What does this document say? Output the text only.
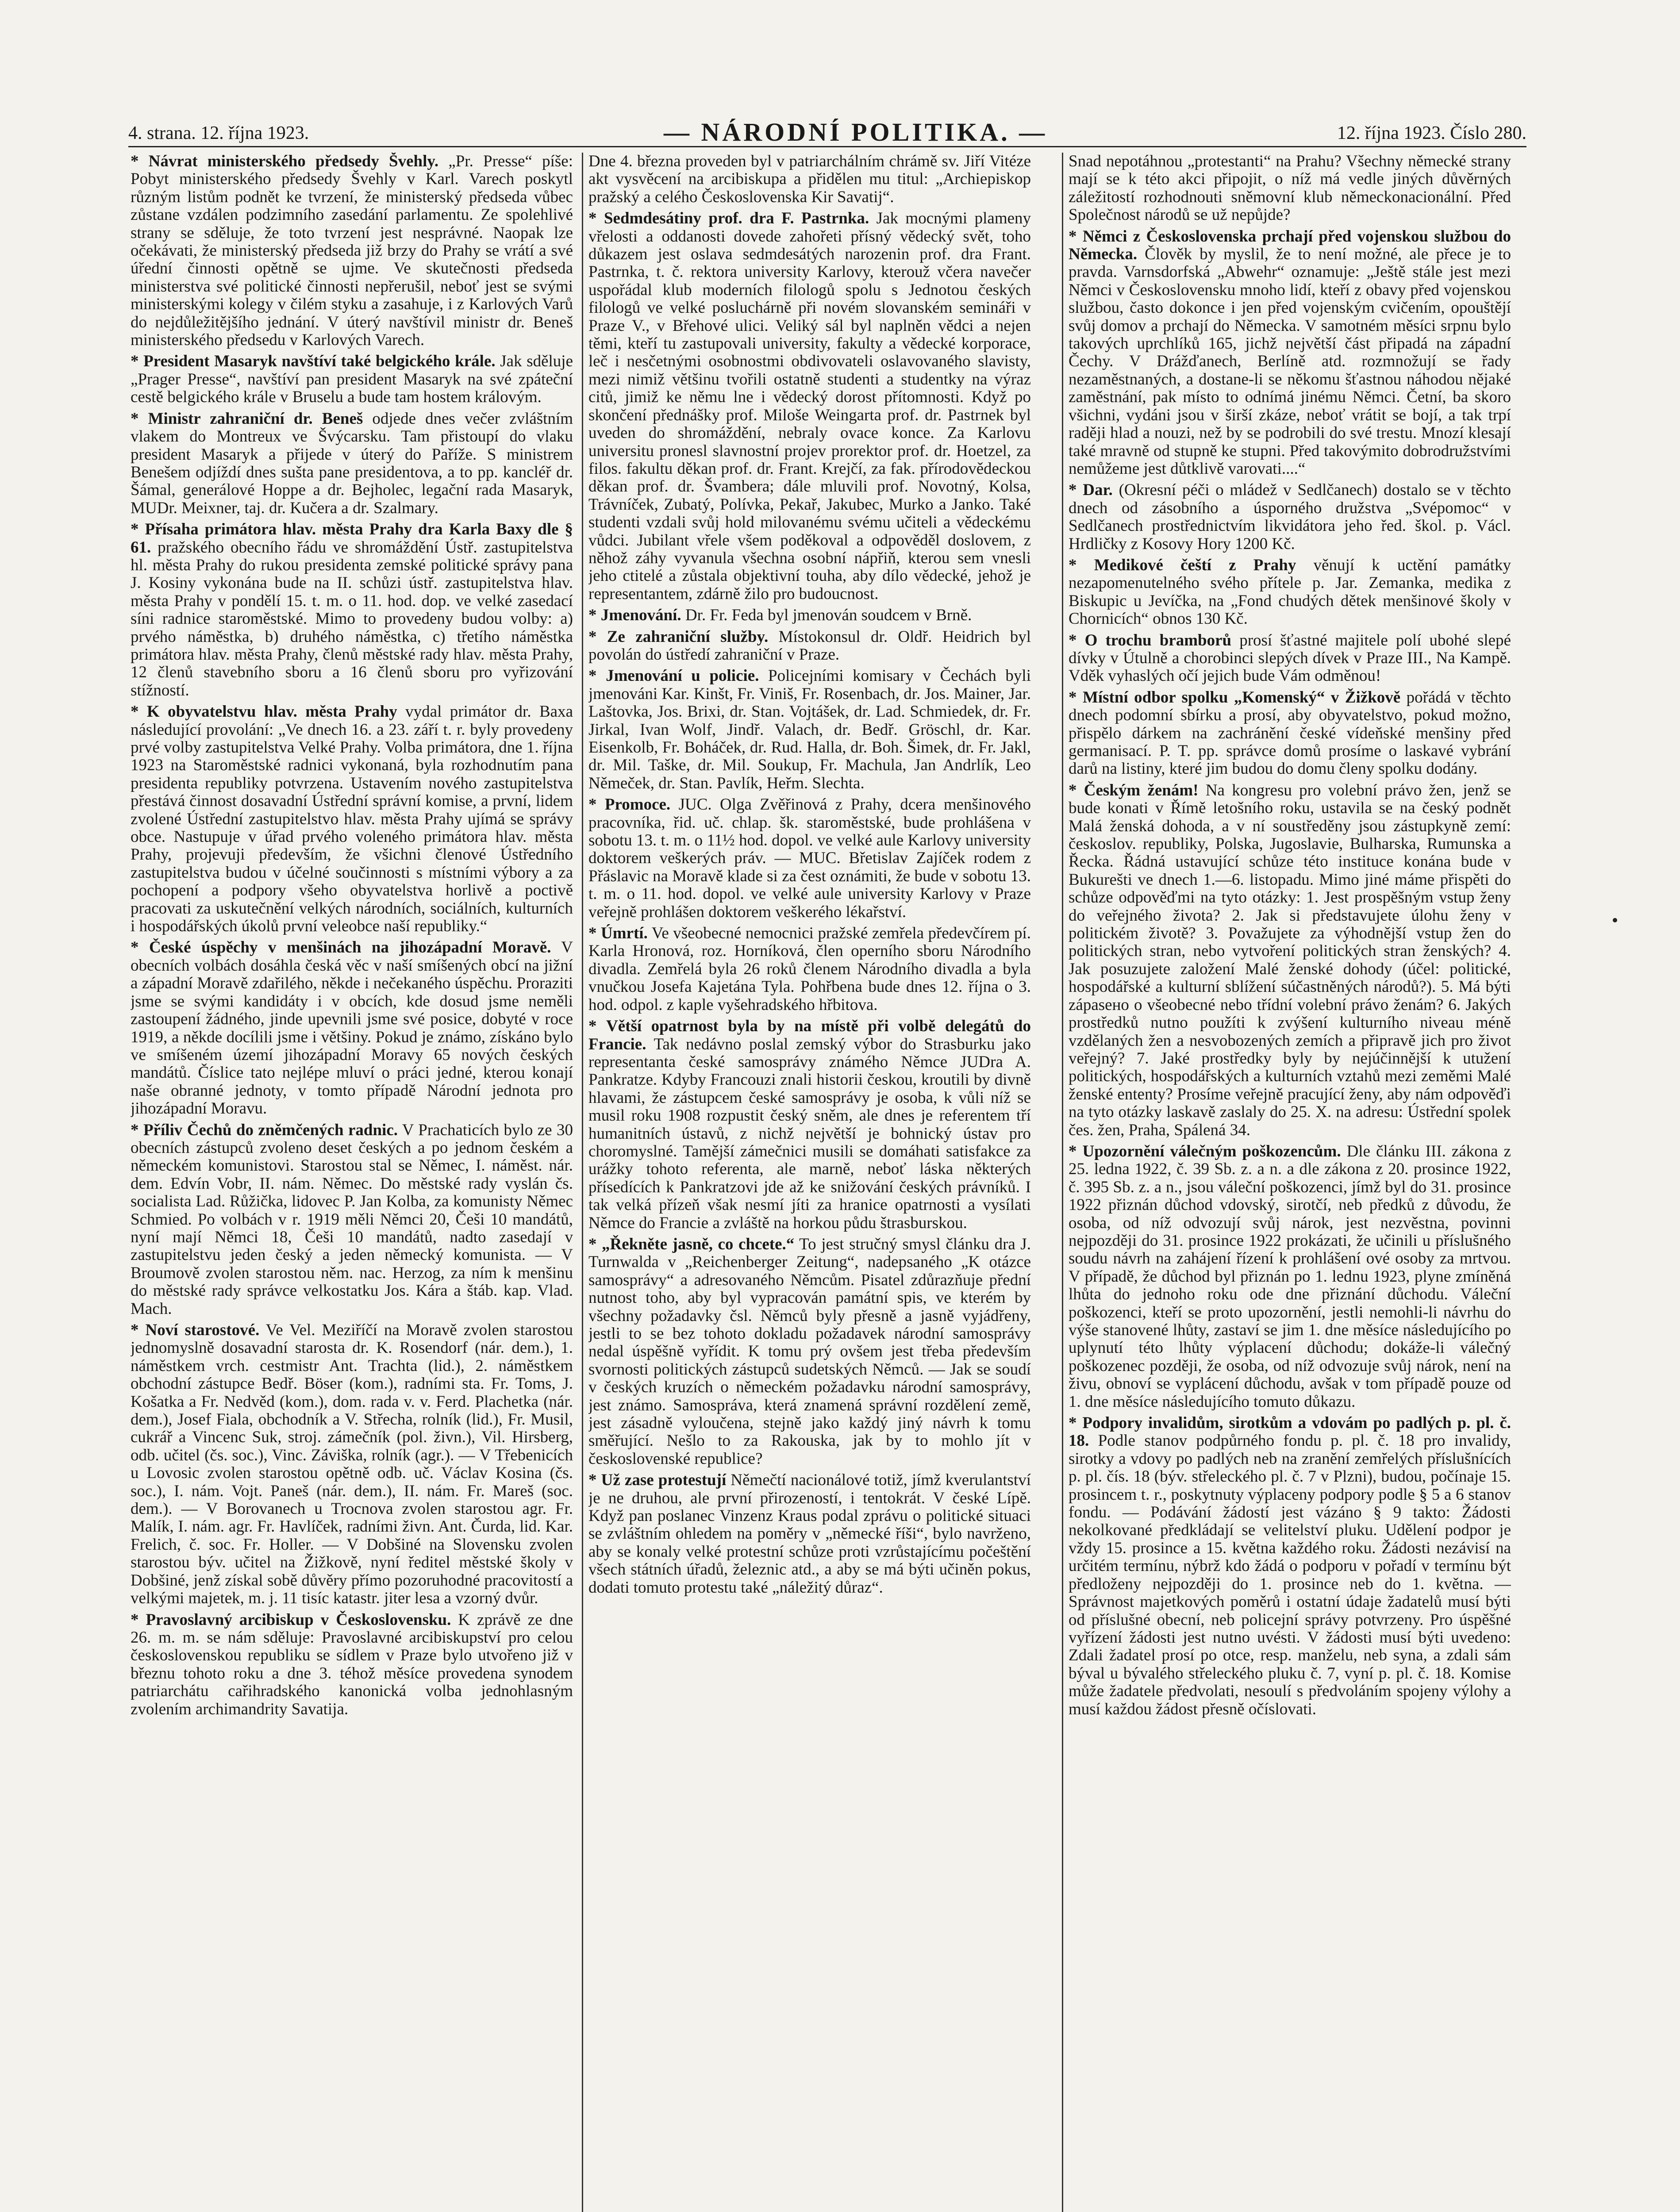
4. strana. 12. října 1923.	— NÁRODNÍ POLITIKA. —	12. října 1923. Číslo 280.

* Návrat ministerského předsedy Švehly. „Pr. Presse“ píše: Pobyt ministerského předsedy Švehly v Karl. Varech poskytl různým listům podnět ke tvrzení, že ministerský předseda vůbec zůstane vzdálen podzimního zasedání parlamentu. Ze spolehlivé strany se sděluje, že toto tvrzení jest nesprávné. Naopak lze očekávati, že ministerský předseda již brzy do Prahy se vrátí a své úřední činnosti opětně se ujme. Ve skutečnosti předseda ministerstva své politické činnosti nepřerušil, neboť jest se svými ministerskými kolegy v čilém styku a zasahuje, i z Karlových Varů do nejdůležitějšího jednání. V úterý navštívil ministr dr. Beneš ministerského předsedu v Karlových Varech.

* President Masaryk navštíví také belgického krále. Jak sděluje „Prager Presse“, navštíví pan president Masaryk na své zpáteční cestě belgického krále v Bruselu a bude tam hostem královým.

* Ministr zahraniční dr. Beneš odjede dnes večer zvláštním vlakem do Montreux ve Švýcarsku. Tam přistoupí do vlaku president Masaryk a přijede v úterý do Paříže. S ministrem Benešem odjíždí dnes sušta pane presidentova, a to pp. kancléř dr. Šámal, generálové Hoppe a dr. Bejholec, legační rada Masaryk, MUDr. Meixner, taj. dr. Kučera a dr. Szalmary.

* Přísaha primátora hlav. města Prahy dra Karla Baxy dle § 61. pražského obecního řádu ve shromáždění Ústř. zastupitelstva hl. města Prahy do rukou presidenta zemské politické správy pana J. Kosiny vykonána bude na II. schůzi ústř. zastupitelstva hlav. města Prahy v pondělí 15. t. m. o 11. hod. dop. ve velké zasedací síni radnice staroměstské. Mimo to provedeny budou volby: a) prvého náměstka, b) druhého náměstka, c) třetího náměstka primátora hlav. města Prahy, členů městské rady hlav. města Prahy, 12 členů stavebního sboru a 16 členů sboru pro vyřizování stížností.

* K obyvatelstvu hlav. města Prahy vydal primátor dr. Baxa následující provolání: „Ve dnech 16. a 23. září t. r. byly provedeny prvé volby zastupitelstva Velké Prahy. Volba primátora, dne 1. října 1923 na Staroměstské radnici vykonaná, byla rozhodnutím pana presidenta republiky potvrzena. Ustavením nového zastupitelstva přestává činnost dosavadní Ústřední správní komise, a první, lidem zvolené Ústřední zastupitelstvo hlav. města Prahy ujímá se správy obce. Nastupuje v úřad prvého voleného primátora hlav. města Prahy, projevuji především, že všichni členové Ústředního zastupitelstva budou v účelné součinnosti s místními výbory a za pochopení a podpory všeho obyvatelstva horlivě a poctivě pracovati za uskutečnění velkých národních, sociálních, kulturních i hospodářských úkolů první veleobce naší republiky.“

* České úspěchy v menšinách na jihozápadní Moravě. V obecních volbách dosáhla česká věc v naší smíšených obcí na jižní a západní Moravě zdařilého, někde i nečekaného úspěchu. Proraziti jsme se svými kandidáty i v obcích, kde dosud jsme neměli zastoupení žádného, jinde upevnili jsme své posice, dobyté v roce 1919, a někde docílili jsme i většiny. Pokud je známo, získáno bylo ve smíšeném území jihozápadní Moravy 65 nových českých mandátů. Číslice tato nejlépe mluví o práci jedné, kterou konají naše obranné jednoty, v tomto případě Národní jednota pro jihozápadní Moravu.

* Příliv Čechů do zněmčených radnic. V Prachaticích bylo ze 30 obecních zástupců zvoleno deset českých a po jednom českém a německém komunistovi. Starostou stal se Němec, I. náměst. nár. dem. Edvín Vobr, II. nám. Němec. Do městské rady vyslán čs. socialista Lad. Růžička, lidovec P. Jan Kolba, za komunisty Němec Schmied. Po volbách v r. 1919 měli Němci 20, Češi 10 mandátů, nyní mají Němci 18, Češi 10 mandátů, nadto zasedají v zastupitelstvu jeden český a jeden německý komunista. — V Broumově zvolen starostou něm. nac. Herzog, za ním k menšinu do městské rady správce velkostatku Jos. Kára a štáb. kap. Vlad. Mach.

* Noví starostové. Ve Vel. Meziříčí na Moravě zvolen starostou jednomyslně dosavadní starosta dr. K. Rosendorf (nár. dem.), 1. náměstkem vrch. cestmistr Ant. Trachta (lid.), 2. náměstkem obchodní zástupce Bedř. Böser (kom.), radními sta. Fr. Toms, J. Košatka a Fr. Nedvěd (kom.), dom. rada v. v. Ferd. Plachetka (nár. dem.), Josef Fiala, obchodník a V. Střecha, rolník (lid.), Fr. Musil, cukrář a Vincenc Suk, stroj. zámečník (pol. živn.), Vil. Hirsberg, odb. učitel (čs. soc.), Vinc. Záviška, rolník (agr.). — V Třebenicích u Lovosic zvolen starostou opětně odb. uč. Václav Kosina (čs. soc.), I. nám. Vojt. Paneš (nár. dem.), II. nám. Fr. Mareš (soc. dem.). — V Borovanech u Trocnova zvolen starostou agr. Fr. Malík, I. nám. agr. Fr. Havlíček, radními živn. Ant. Čurda, lid. Kar. Frelich, č. soc. Fr. Holler. — V Dobšiné na Slovensku zvolen starostou býv. učitel na Žižkově, nyní ředitel městské školy v Dobšiné, jenž získal sobě důvěry přímo pozoruhodné pracovitostí a velkými majetek, m. j. 11 tisíc katastr. jiter lesa a vzorný dvůr.

* Pravoslavný arcibiskup v Československu. K zprávě ze dne 26. m. m. se nám sděluje: Pravoslavné arcibiskupství pro celou československou republiku se sídlem v Praze bylo utvořeno již v březnu tohoto roku a dne 3. téhož měsíce provedena synodem patriarchátu cařihradského kanonická volba jednohlasným zvolením archimandrity Savatija.

Dne 4. března proveden byl v patriarchálním chrámě sv. Jiří Vitéze akt vysvěcení na arcibiskupa a přidělen mu titul: „Archiepiskop pražský a celého Československa Kir Savatij“.

* Sedmdesátiny prof. dra F. Pastrnka. Jak mocnými plameny vřelosti a oddanosti dovede zahořeti přísný vědecký svět, toho důkazem jest oslava sedmdesátých narozenin prof. dra Frant. Pastrnka, t. č. rektora university Karlovy, kterouž včera navečer uspořádal klub moderních filologů spolu s Jednotou českých filologů ve velké posluchárně při novém slovanském semináři v Praze V., v Břehové ulici. Veliký sál byl naplněn vědci a nejen těmi, kteří tu zastupovali university, fakulty a vědecké korporace, leč i nesčetnými osobnostmi obdivovateli oslavovaného slavisty, mezi nimiž většinu tvořili ostatně studenti a studentky na výraz citů, jimiž ke němu lne i vědecký dorost přítomnosti. Když po skončení přednášky prof. Miloše Weingarta prof. dr. Pastrnek byl uveden do shromáždění, nebraly ovace konce. Za Karlovu universitu pronesl slavnostní projev prorektor prof. dr. Hoetzel, za filos. fakultu děkan prof. dr. Frant. Krejčí, za fak. přírodovědeckou děkan prof. dr. Švambera; dále mluvili prof. Novotný, Kolsa, Trávníček, Zubatý, Polívka, Pekař, Jakubec, Murko a Janko. Také studenti vzdali svůj hold milovanému svému učiteli a vědeckému vůdci. Jubilant vřele všem poděkoval a odpověděl doslovem, z něhož záhy vyvanula všechna osobní nápřiň, kterou sem vnesli jeho ctitelé a zůstala objektivní touha, aby dílo vědecké, jehož je representantem, zdárně žilo pro budoucnost.

* Jmenování. Dr. Fr. Feda byl jmenován soudcem v Brně.

* Ze zahraniční služby. Místokonsul dr. Oldř. Heidrich byl povolán do ústředí zahraniční v Praze.

* Jmenování u policie. Policejními komisary v Čechách byli jmenováni Kar. Kinšt, Fr. Viniš, Fr. Rosenbach, dr. Jos. Mainer, Jar. Laštovka, Jos. Brixi, dr. Stan. Vojtášek, dr. Lad. Schmiedek, dr. Fr. Jirkal, Ivan Wolf, Jindř. Valach, dr. Bedř. Gröschl, dr. Kar. Eisenkolb, Fr. Boháček, dr. Rud. Halla, dr. Boh. Šimek, dr. Fr. Jakl, dr. Mil. Taške, dr. Mil. Soukup, Fr. Machula, Jan Andrlík, Leo Němeček, dr. Stan. Pavlík, Heřm. Slechta.

* Promoce. JUC. Olga Zvěřinová z Prahy, dcera menšinového pracovníka, řid. uč. chlap. šk. staroměstské, bude prohlášena v sobotu 13. t. m. o 11½ hod. dopol. ve velké aule Karlovy university doktorem veškerých práv. — MUC. Břetislav Zajíček rodem z Přáslavic na Moravě klade si za čest oznámiti, že bude v sobotu 13. t. m. o 11. hod. dopol. ve velké aule university Karlovy v Praze veřejně prohlášen doktorem veškerého lékařství.

* Úmrtí. Ve všeobecné nemocnici pražské zemřela předevčírem pí. Karla Hronová, roz. Horníková, člen operního sboru Národního divadla. Zemřelá byla 26 roků členem Národního divadla a byla vnučkou Josefa Kajetána Tyla. Pohřbena bude dnes 12. října o 3. hod. odpol. z kaple vyšehradského hřbitova.

* Větší opatrnost byla by na místě při volbě delegátů do Francie. Tak nedávno poslal zemský výbor do Strasburku jako representanta české samosprávy známého Němce JUDra A. Pankratze. Kdyby Francouzi znali historii českou, kroutili by divně hlavami, že zástupcem české samosprávy je osoba, k vůli níž se musil roku 1908 rozpustit český sněm, ale dnes je referentem tří humanitních ústavů, z nichž největší je bohnický ústav pro choromyslné. Tamější zámečnici musili se domáhati satisfakce za urážky tohoto referenta, ale marně, neboť láska některých přísedících k Pankratzovi jde až ke snižování českých právníků. I tak velká přízeň však nesmí jíti za hranice opatrnosti a vysílati Němce do Francie a zvláště na horkou půdu štrasburskou.

* „Řekněte jasně, co chcete.“ To jest stručný smysl článku dra J. Turnwalda v „Reichenberger Zeitung“, nadepsaného „K otázce samosprávy“ a adresovaného Němcům. Pisatel zdůrazňuje přední nutnost toho, aby byl vypracován památní spis, ve kterém by všechny požadavky čsl. Němců byly přesně a jasně vyjádřeny, jestli to se bez tohoto dokladu požadavek národní samosprávy nedal úspěšně vyřídit. K tomu prý ovšem jest třeba především svornosti politických zástupců sudetských Němců. — Jak se soudí v českých kruzích o německém požadavku národní samosprávy, jest známo. Samospráva, která znamená správní rozdělení země, jest zásadně vyloučena, stejně jako každý jiný návrh k tomu směřující. Nešlo to za Rakouska, jak by to mohlo jít v československé republice?

* Už zase protestují Němečtí nacionálové totiž, jímž kverulantství je ne druhou, ale první přirozeností, i tentokrát. V české Lípě. Když pan poslanec Vinzenz Kraus podal zprávu o politické situaci se zvláštním ohledem na poměry v „německé říši“, bylo navrženo, aby se konaly velké protestní schůze proti vzrůstajícímu počeštění všech státních úřadů, železnic atd., a aby se má býti učiněn pokus, dodati tomuto protestu také „náležitý důraz“.

Snad nepotáhnou „protestanti“ na Prahu? Všechny německé strany mají se k této akci připojit, o níž má vedle jiných důvěrných záležitostí rozhodnouti sněmovní klub německonacionální. Před Společnost národů se už nepůjde?

* Němci z Československa prchají před vojenskou službou do Německa. Člověk by myslil, že to není možné, ale přece je to pravda. Varnsdorfská „Abwehr“ oznamuje: „Ještě stále jest mezi Němci v Československu mnoho lidí, kteří z obavy před vojenskou službou, často dokonce i jen před vojenským cvičením, opouštějí svůj domov a prchají do Německa. V samotném měsíci srpnu bylo takových uprchlíků 165, jichž největší část připadá na západní Čechy. V Drážďanech, Berlíně atd. rozmnožují se řady nezaměstnaných, a dostane-li se někomu šťastnou náhodou nějaké zaměstnání, pak místo to odnímá jinému Němci. Četní, ba skoro všichni, vydáni jsou v širší zkáze, neboť vrátit se bojí, a tak trpí raději hlad a nouzi, než by se podrobili do své trestu. Mnozí klesají také mravně od stupně ke stupni. Před takovýmito dobrodružstvími nemůžeme jest důtklivě varovati....“

* Dar. (Okresní péči o mládež v Sedlčanech) dostalo se v těchto dnech od zásobního a úsporného družstva „Svépomoc“ v Sedlčanech prostřednictvím likvidátora jeho řed. škol. p. Václ. Hrdličky z Kosovy Hory 1200 Kč.

* Medikové čeští z Prahy věnují k uctění památky nezapomenutelného svého přítele p. Jar. Zemanka, medika z Biskupic u Jevíčka, na „Fond chudých dětek menšinové školy v Chornicích“ obnos 130 Kč.

* O trochu bramborů prosí šťastné majitele polí ubohé slepé dívky v Útulně a chorobinci slepých dívek v Praze III., Na Kampě. Vděk vyhaslých očí jejich bude Vám odměnou!

* Místní odbor spolku „Komenský“ v Žižkově pořádá v těchto dnech podomní sbírku a prosí, aby obyvatelstvo, pokud možno, přispělo dárkem na zachránění české vídeňské menšiny před germanisací. P. T. pp. správce domů prosíme o laskavé vybrání darů na listiny, které jim budou do domu členy spolku dodány.

* Českým ženám! Na kongresu pro volební právo žen, jenž se bude konati v Římě letošního roku, ustavila se na český podnět Malá ženská dohoda, a v ní soustředěny jsou zástupkyně zemí: českoslov. republiky, Polska, Jugoslavie, Bulharska, Rumunska a Řecka. Řádná ustavující schůze této instituce konána bude v Bukurešti ve dnech 1.—6. listopadu. Mimo jiné máme přispěti do schůze odpověďmi na tyto otázky: 1. Jest prospěšným vstup ženy do veřejného života? 2. Jak si představujete úlohu ženy v politickém životě? 3. Považujete za výhodnější vstup žen do politických stran, nebo vytvoření politických stran ženských? 4. Jak posuzujete založení Malé ženské dohody (účel: politické, hospodářské a kulturní sblížení súčastněných národů?). 5. Má býti zápasено o všeobecné nebo třídní volební právo ženám? 6. Jakých prostředků nutno použíti k zvýšení kulturního niveau méně vzdělaných žen a nesvobozených zemích a připravě jich pro život veřejný? 7. Jaké prostředky byly by nejúčinnější k utužení politických, hospodářských a kulturních vztahů mezi zeměmi Malé ženské ententy? Prosíme veřejně pracující ženy, aby nám odpověďi na tyto otázky laskavě zaslaly do 25. X. na adresu: Ústřední spolek čes. žen, Praha, Spálená 34.

* Upozornění válečným poškozencům. Dle článku III. zákona z 25. ledna 1922, č. 39 Sb. z. a n. a dle zákona z 20. prosince 1922, č. 395 Sb. z. a n., jsou váleční poškozenci, jímž byl do 31. prosince 1922 přiznán důchod vdovský, sirotčí, neb předků z důvodu, že osoba, od níž odvozují svůj nárok, jest nezvěstna, povinni nejpozději do 31. prosince 1922 prokázati, že učinili u příslušného soudu návrh na zahájení řízení k prohlášení ové osoby za mrtvou. V případě, že důchod byl přiznán po 1. lednu 1923, plyne zmíněná lhůta do jednoho roku ode dne přiznání důchodu. Váleční poškozenci, kteří se proto upozornění, jestli nemohli-li návrhu do výše stanovené lhůty, zastaví se jim 1. dne měsíce následujícího po uplynutí této lhůty výplacení důchodu; dokáže-li válečný poškozenec později, že osoba, od níž odvozuje svůj nárok, není na živu, obnoví se vyplácení důchodu, avšak v tom případě pouze od 1. dne měsíce následujícího tomuto důkazu.

* Podpory invalidům, sirotkům a vdovám po padlých p. pl. č. 18. Podle stanov podpůrného fondu p. pl. č. 18 pro invalidy, sirotky a vdovy po padlých neb na zranění zemřelých příslušnících p. pl. čís. 18 (býv. střeleckého pl. č. 7 v Plzni), budou, počínaje 15. prosincem t. r., poskytnuty výplaceny podpory podle § 5 a 6 stanov fondu. — Podávání žádostí jest vázáno § 9 takto: Žádosti nekolkované předkládají se velitelství pluku. Udělení podpor je vždy 15. prosince a 15. května každého roku. Žádosti nezávisí na určitém termínu, nýbrž kdo žádá o podporu v pořadí v termínu být předloženy nejpozději do 1. prosince neb do 1. května. — Správnost majetkových poměrů i ostatní údaje žadatelů musí býti od příslušné obecní, neb policejní správy potvrzeny. Pro úspěšné vyřízení žádosti jest nutno uvésti. V žádosti musí býti uvedeno: Zdali žadatel prosí po otce, resp. manželu, neb syna, a zdali sám býval u bývalého střeleckého pluku č. 7, vyní p. pl. č. 18. Komise může žadatele předvolati, nesoulí s předvoláním spojeny výlohy a musí každou žádost přesně očíslovati.
